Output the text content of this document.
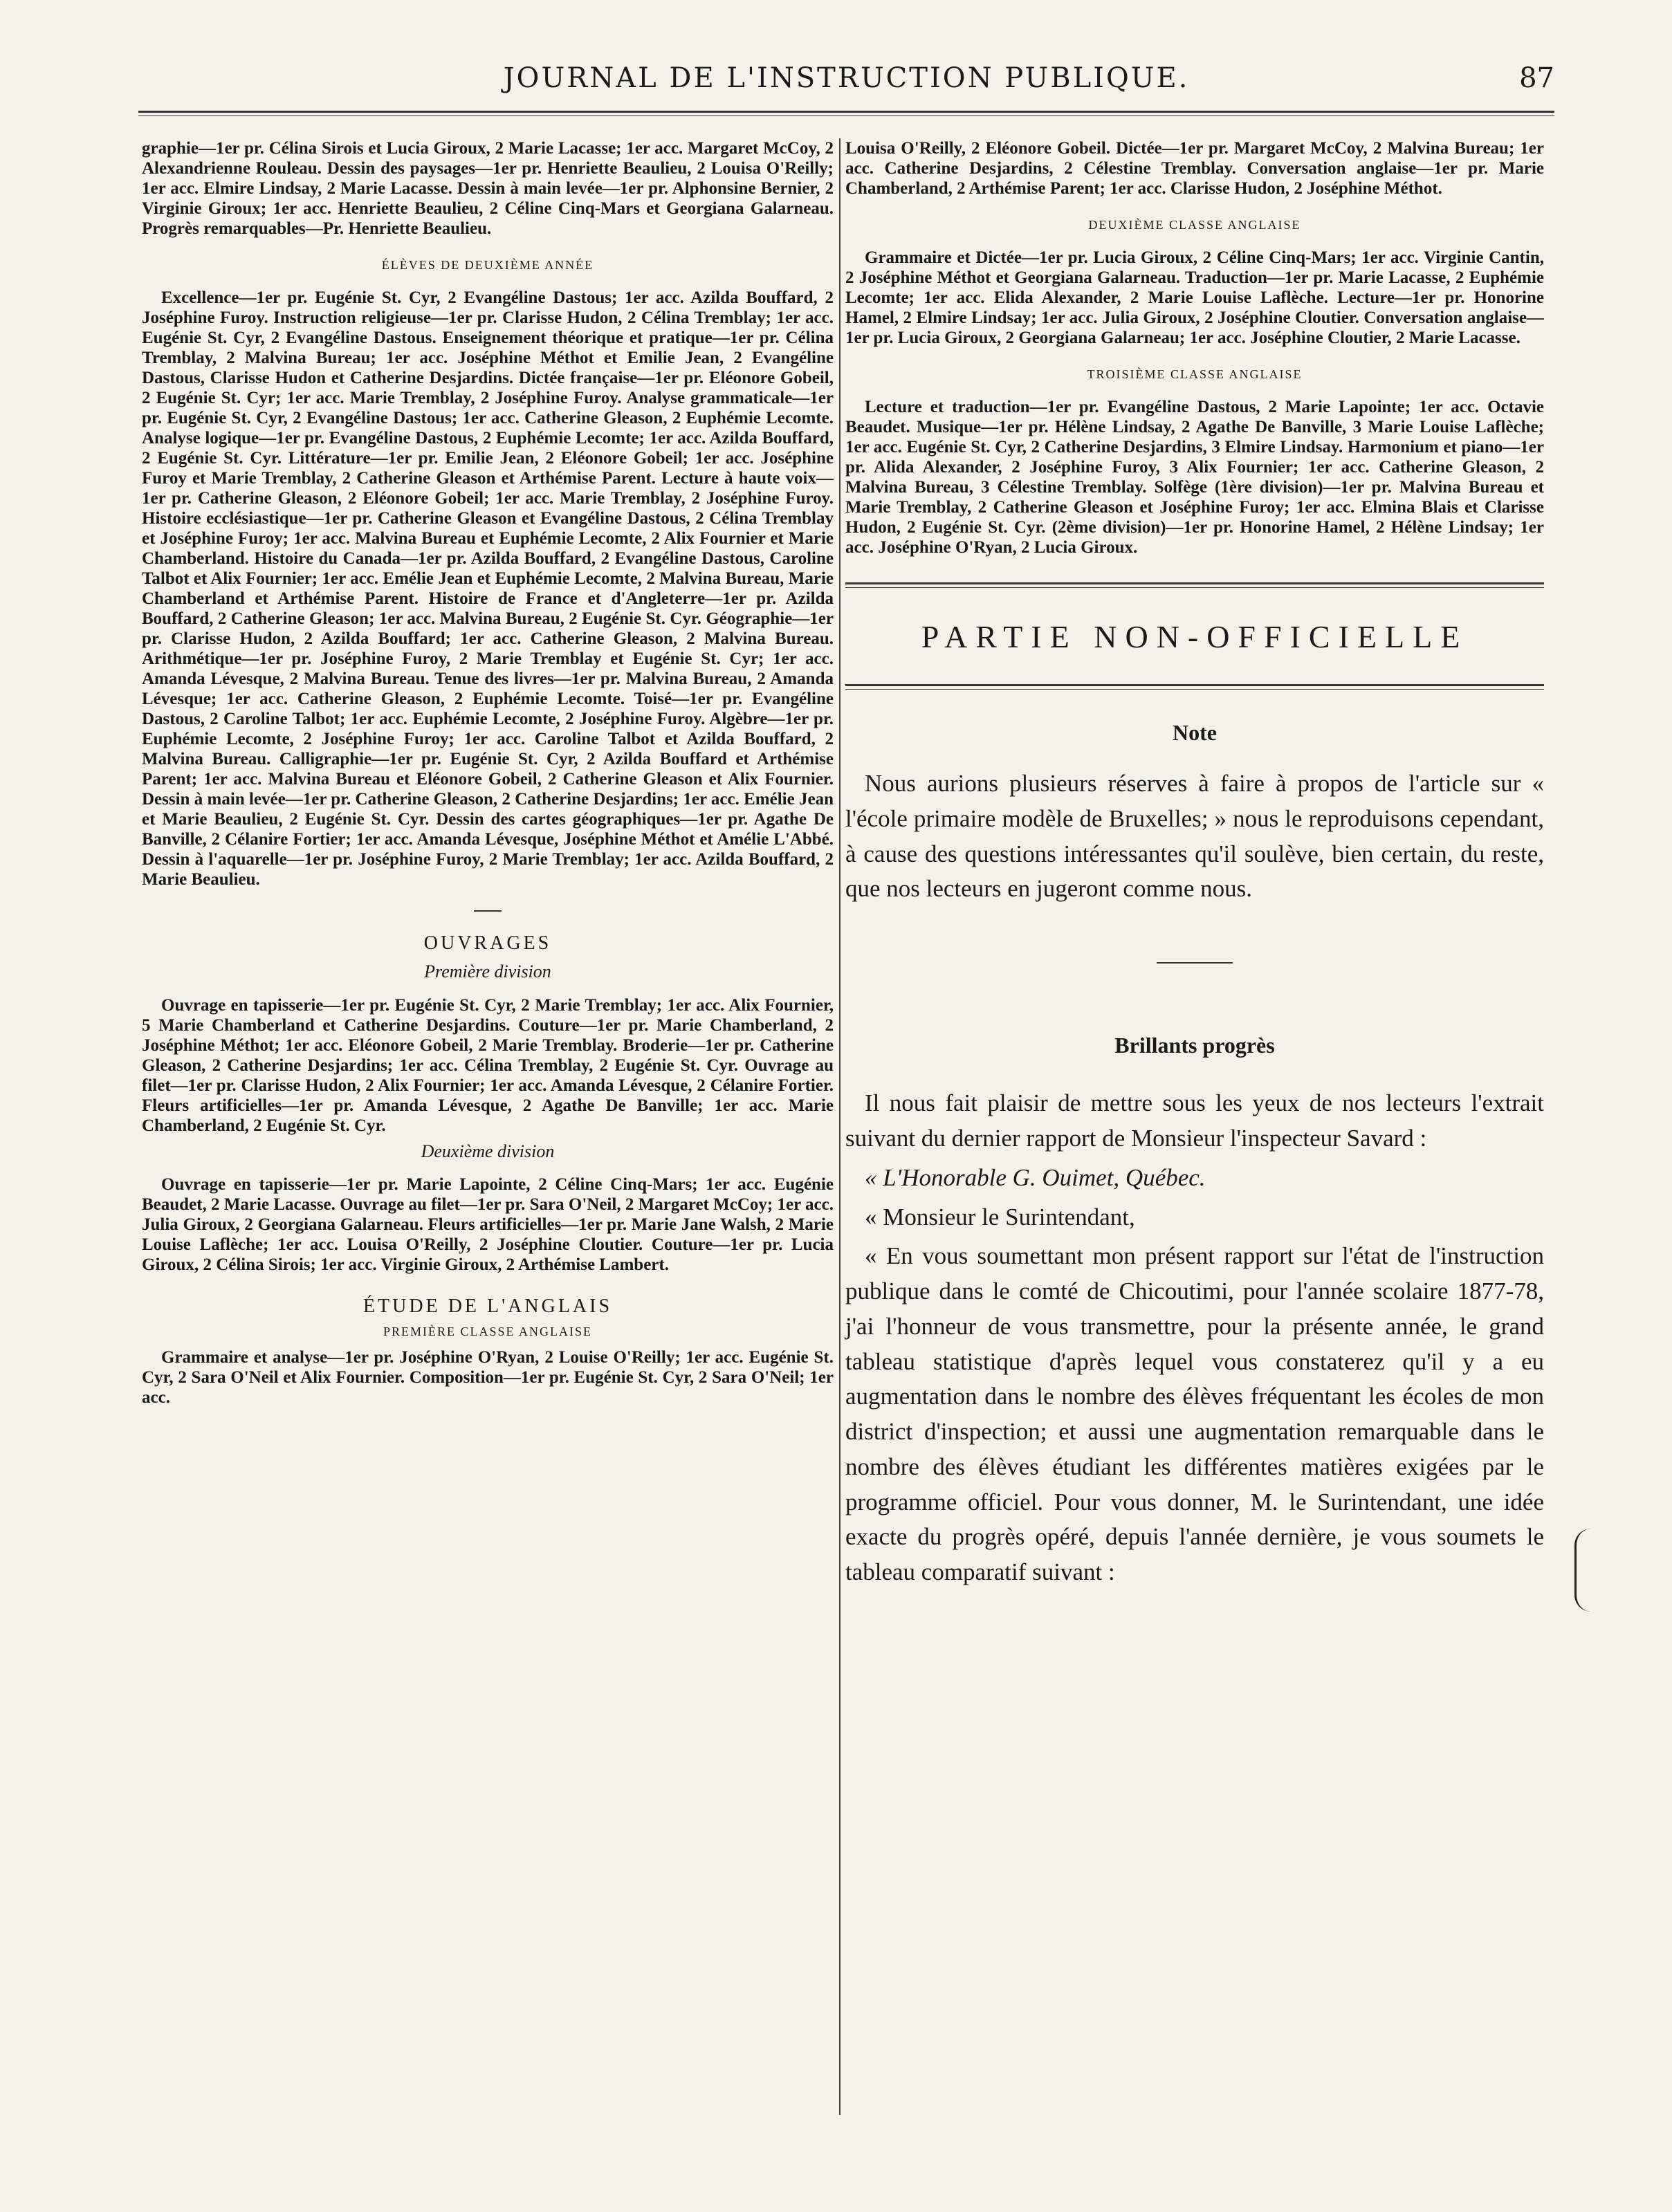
JOURNAL DE L'INSTRUCTION PUBLIQUE.	87

graphie—1er pr. Célina Sirois et Lucia Giroux, 2 Marie Lacasse; 1er acc. Margaret McCoy, 2 Alexandrienne Rouleau. Dessin des paysages—1er pr. Henriette Beaulieu, 2 Louisa O'Reilly; 1er acc. Elmire Lindsay, 2 Marie Lacasse. Dessin à main levée—1er pr. Alphonsine Bernier, 2 Virginie Giroux; 1er acc. Henriette Beaulieu, 2 Céline Cinq-Mars et Georgiana Galarneau. Progrès remarquables—Pr. Henriette Beaulieu.

ÉLÈVES DE DEUXIÈME ANNÉE

Excellence—1er pr. Eugénie St. Cyr, 2 Evangéline Dastous; 1er acc. Azilda Bouffard, 2 Joséphine Furoy. Instruction religieuse—1er pr. Clarisse Hudon, 2 Célina Tremblay; 1er acc. Eugénie St. Cyr, 2 Evangéline Dastous. Enseignement théorique et pratique—1er pr. Célina Tremblay, 2 Malvina Bureau; 1er acc. Joséphine Méthot et Emilie Jean, 2 Evangéline Dastous, Clarisse Hudon et Catherine Desjardins. Dictée française—1er pr. Eléonore Gobeil, 2 Eugénie St. Cyr; 1er acc. Marie Tremblay, 2 Joséphine Furoy. Analyse grammaticale—1er pr. Eugénie St. Cyr, 2 Evangéline Dastous; 1er acc. Catherine Gleason, 2 Euphémie Lecomte. Analyse logique—1er pr. Evangéline Dastous, 2 Euphémie Lecomte; 1er acc. Azilda Bouffard, 2 Eugénie St. Cyr. Littérature—1er pr. Emilie Jean, 2 Eléonore Gobeil; 1er acc. Joséphine Furoy et Marie Tremblay, 2 Catherine Gleason et Arthémise Parent. Lecture à haute voix—1er pr. Catherine Gleason, 2 Eléonore Gobeil; 1er acc. Marie Tremblay, 2 Joséphine Furoy. Histoire ecclésiastique—1er pr. Catherine Gleason et Evangéline Dastous, 2 Célina Tremblay et Joséphine Furoy; 1er acc. Malvina Bureau et Euphémie Lecomte, 2 Alix Fournier et Marie Chamberland. Histoire du Canada—1er pr. Azilda Bouffard, 2 Evangéline Dastous, Caroline Talbot et Alix Fournier; 1er acc. Emélie Jean et Euphémie Lecomte, 2 Malvina Bureau, Marie Chamberland et Arthémise Parent. Histoire de France et d'Angleterre—1er pr. Azilda Bouffard, 2 Catherine Gleason; 1er acc. Malvina Bureau, 2 Eugénie St. Cyr. Géographie—1er pr. Clarisse Hudon, 2 Azilda Bouffard; 1er acc. Catherine Gleason, 2 Malvina Bureau. Arithmétique—1er pr. Joséphine Furoy, 2 Marie Tremblay et Eugénie St. Cyr; 1er acc. Amanda Lévesque, 2 Malvina Bureau. Tenue des livres—1er pr. Malvina Bureau, 2 Amanda Lévesque; 1er acc. Catherine Gleason, 2 Euphémie Lecomte. Toisé—1er pr. Evangéline Dastous, 2 Caroline Talbot; 1er acc. Euphémie Lecomte, 2 Joséphine Furoy. Algèbre—1er pr. Euphémie Lecomte, 2 Joséphine Furoy; 1er acc. Caroline Talbot et Azilda Bouffard, 2 Malvina Bureau. Calligraphie—1er pr. Eugénie St. Cyr, 2 Azilda Bouffard et Arthémise Parent; 1er acc. Malvina Bureau et Eléonore Gobeil, 2 Catherine Gleason et Alix Fournier. Dessin à main levée—1er pr. Catherine Gleason, 2 Catherine Desjardins; 1er acc. Emélie Jean et Marie Beaulieu, 2 Eugénie St. Cyr. Dessin des cartes géographiques—1er pr. Agathe De Banville, 2 Célanire Fortier; 1er acc. Amanda Lévesque, Joséphine Méthot et Amélie L'Abbé. Dessin à l'aquarelle—1er pr. Joséphine Furoy, 2 Marie Tremblay; 1er acc. Azilda Bouffard, 2 Marie Beaulieu.

OUVRAGES
Première division

Ouvrage en tapisserie—1er pr. Eugénie St. Cyr, 2 Marie Tremblay; 1er acc. Alix Fournier, 5 Marie Chamberland et Catherine Desjardins. Couture—1er pr. Marie Chamberland, 2 Joséphine Méthot; 1er acc. Eléonore Gobeil, 2 Marie Tremblay. Broderie—1er pr. Catherine Gleason, 2 Catherine Desjardins; 1er acc. Célina Tremblay, 2 Eugénie St. Cyr. Ouvrage au filet—1er pr. Clarisse Hudon, 2 Alix Fournier; 1er acc. Amanda Lévesque, 2 Célanire Fortier. Fleurs artificielles—1er pr. Amanda Lévesque, 2 Agathe De Banville; 1er acc. Marie Chamberland, 2 Eugénie St. Cyr.

Deuxième division

Ouvrage en tapisserie—1er pr. Marie Lapointe, 2 Céline Cinq-Mars; 1er acc. Eugénie Beaudet, 2 Marie Lacasse. Ouvrage au filet—1er pr. Sara O'Neil, 2 Margaret McCoy; 1er acc. Julia Giroux, 2 Georgiana Galarneau. Fleurs artificielles—1er pr. Marie Jane Walsh, 2 Marie Louise Laflèche; 1er acc. Louisa O'Reilly, 2 Joséphine Cloutier. Couture—1er pr. Lucia Giroux, 2 Célina Sirois; 1er acc. Virginie Giroux, 2 Arthémise Lambert.

ÉTUDE DE L'ANGLAIS
PREMIÈRE CLASSE ANGLAISE

Grammaire et analyse—1er pr. Joséphine O'Ryan, 2 Louise O'Reilly; 1er acc. Eugénie St. Cyr, 2 Sara O'Neil et Alix Fournier. Composition—1er pr. Eugénie St. Cyr, 2 Sara O'Neil; 1er acc.

Louisa O'Reilly, 2 Eléonore Gobeil. Dictée—1er pr. Margaret McCoy, 2 Malvina Bureau; 1er acc. Catherine Desjardins, 2 Célestine Tremblay. Conversation anglaise—1er pr. Marie Chamberland, 2 Arthémise Parent; 1er acc. Clarisse Hudon, 2 Joséphine Méthot.

DEUXIÈME CLASSE ANGLAISE

Grammaire et Dictée—1er pr. Lucia Giroux, 2 Céline Cinq-Mars; 1er acc. Virginie Cantin, 2 Joséphine Méthot et Georgiana Galarneau. Traduction—1er pr. Marie Lacasse, 2 Euphémie Lecomte; 1er acc. Elida Alexander, 2 Marie Louise Laflèche. Lecture—1er pr. Honorine Hamel, 2 Elmire Lindsay; 1er acc. Julia Giroux, 2 Joséphine Cloutier. Conversation anglaise—1er pr. Lucia Giroux, 2 Georgiana Galarneau; 1er acc. Joséphine Cloutier, 2 Marie Lacasse.

TROISIÈME CLASSE ANGLAISE

Lecture et traduction—1er pr. Evangéline Dastous, 2 Marie Lapointe; 1er acc. Octavie Beaudet. Musique—1er pr. Hélène Lindsay, 2 Agathe De Banville, 3 Marie Louise Laflèche; 1er acc. Eugénie St. Cyr, 2 Catherine Desjardins, 3 Elmire Lindsay. Harmonium et piano—1er pr. Alida Alexander, 2 Joséphine Furoy, 3 Alix Fournier; 1er acc. Catherine Gleason, 2 Malvina Bureau, 3 Célestine Tremblay. Solfège (1ère division)—1er pr. Malvina Bureau et Marie Tremblay, 2 Catherine Gleason et Joséphine Furoy; 1er acc. Elmina Blais et Clarisse Hudon, 2 Eugénie St. Cyr. (2ème division)—1er pr. Honorine Hamel, 2 Hélène Lindsay; 1er acc. Joséphine O'Ryan, 2 Lucia Giroux.

PARTIE NON-OFFICIELLE
Note

Nous aurions plusieurs réserves à faire à propos de l'article sur « l'école primaire modèle de Bruxelles; » nous le reproduisons cependant, à cause des questions intéressantes qu'il soulève, bien certain, du reste, que nos lecteurs en jugeront comme nous.

Brillants progrès

Il nous fait plaisir de mettre sous les yeux de nos lecteurs l'extrait suivant du dernier rapport de Monsieur l'inspecteur Savard :

« L'Honorable G. Ouimet, Québec.

« Monsieur le Surintendant,

« En vous soumettant mon présent rapport sur l'état de l'instruction publique dans le comté de Chicoutimi, pour l'année scolaire 1877-78, j'ai l'honneur de vous transmettre, pour la présente année, le grand tableau statistique d'après lequel vous constaterez qu'il y a eu augmentation dans le nombre des élèves fréquentant les écoles de mon district d'inspection; et aussi une augmentation remarquable dans le nombre des élèves étudiant les différentes matières exigées par le programme officiel. Pour vous donner, M. le Surintendant, une idée exacte du progrès opéré, depuis l'année dernière, je vous soumets le tableau comparatif suivant :
